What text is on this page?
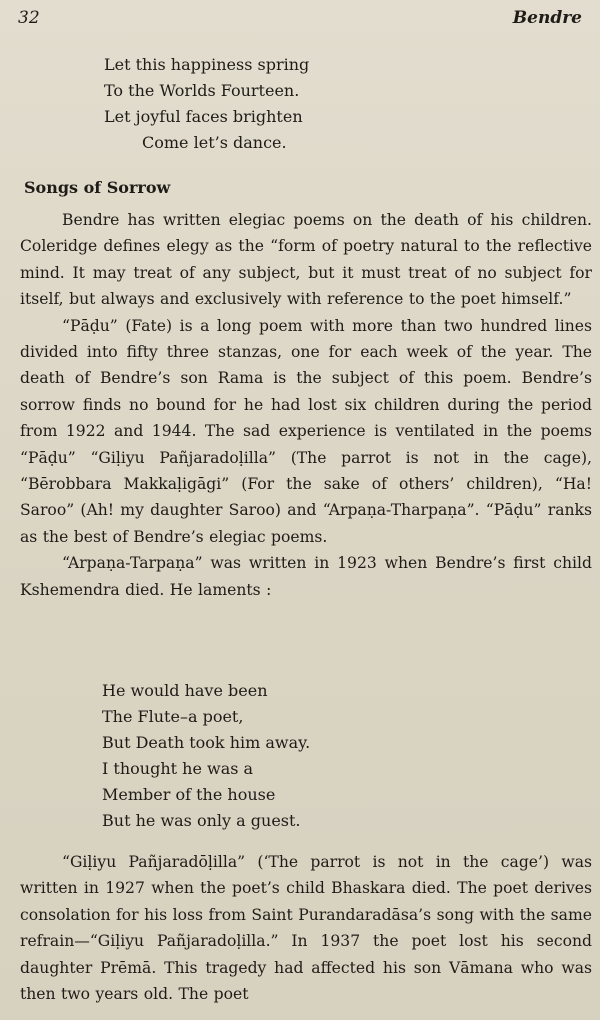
32	Bendre
Let this happiness spring
To the Worlds Fourteen.
Let joyful faces brighten
Come let’s dance.
Songs of Sorrow

Bendre has written elegiac poems on the death of his children. Coleridge defines elegy as the “form of poetry natural to the reflective mind. It may treat of any subject, but it must treat of no subject for itself, but always and exclusively with reference to the poet himself.”

“Pāḍu” (Fate) is a long poem with more than two hundred lines divided into fifty three stanzas, one for each week of the year. The death of Bendre’s son Rama is the subject of this poem. Bendre’s sorrow finds no bound for he had lost six children during the period from 1922 and 1944. The sad experience is ventilated in the poems “Pāḍu” “Giḷiyu Pañjaradoḷilla” (The parrot is not in the cage), “Bērobbara Makkaḷigāgi” (For the sake of others’ children), “Ha! Saroo” (Ah! my daughter Saroo) and “Arpaṇa-Tharpaṇa”. “Pāḍu” ranks as the best of Bendre’s elegiac poems.

“Arpaṇa-Tarpaṇa” was written in 1923 when Bendre’s first child Kshemendra died. He laments :

He would have been
The Flute–a poet,
But Death took him away.
I thought he was a
Member of the house
But he was only a guest.

“Giḷiyu Pañjaradōḷilla” (‘The parrot is not in the cage’) was written in 1927 when the poet’s child Bhaskara died. The poet derives consolation for his loss from Saint Purandaradāsa’s song with the same refrain—“Giḷiyu Pañjaradoḷilla.” In 1937 the poet lost his second daughter Prēmā. This tragedy had affected his son Vāmana who was then two years old. The poet
